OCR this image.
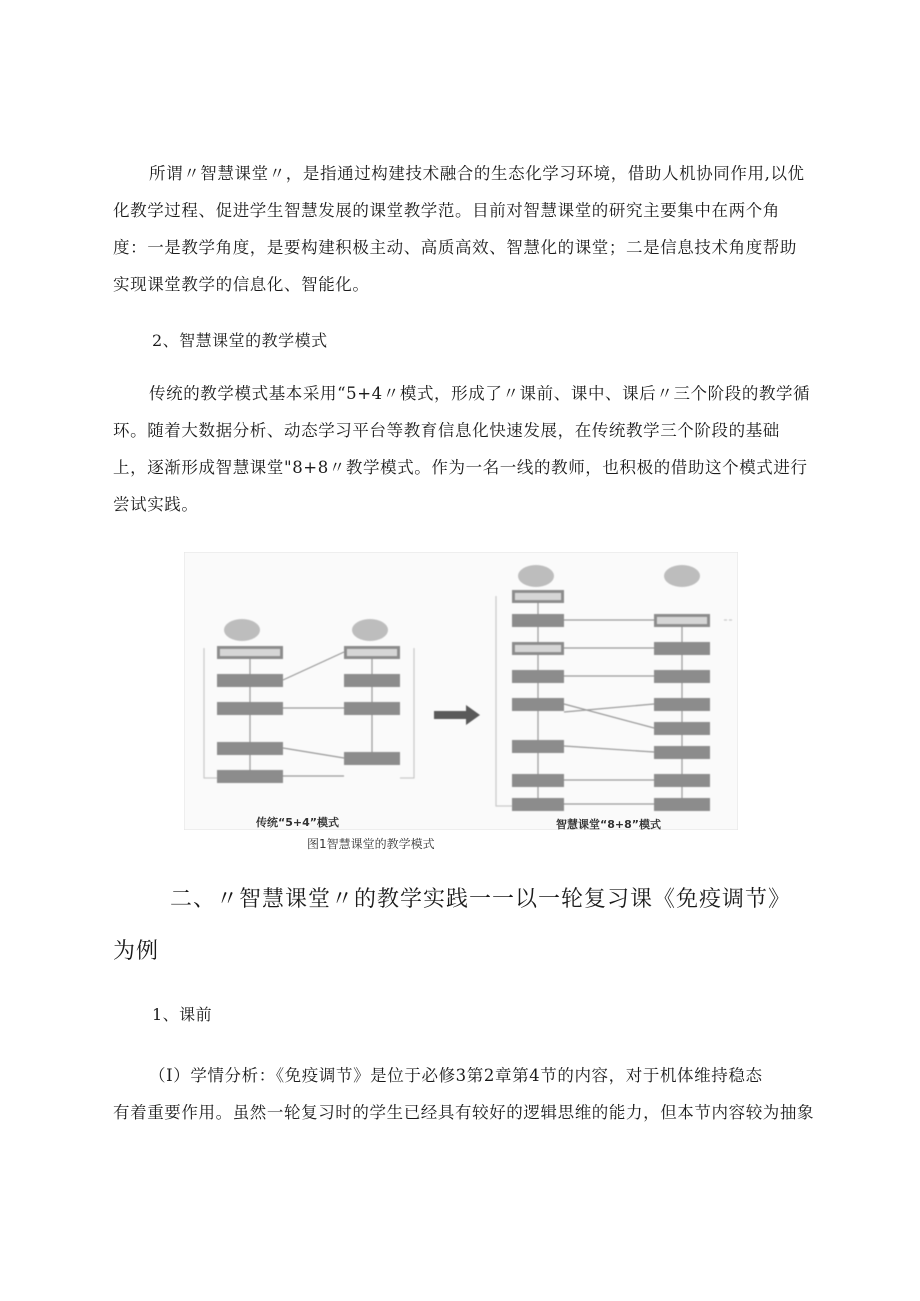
所谓〃智慧课堂〃，是指通过构建技术融合的生态化学习环境，借助人机协同作用,以优
化教学过程、促进学生智慧发展的课堂教学范。目前对智慧课堂的研究主要集中在两个角
度：一是教学角度，是要构建积极主动、高质高效、智慧化的课堂；二是信息技术角度帮助
实现课堂教学的信息化、智能化。

2、智慧课堂的教学模式

传统的教学模式基本采用“5+4〃模式，形成了〃课前、课中、课后〃三个阶段的教学循
环。随着大数据分析、动态学习平台等教育信息化快速发展，在传统教学三个阶段的基础
上，逐渐形成智慧课堂"8+8〃教学模式。作为一名一线的教师，也积极的借助这个模式进行
尝试实践。
传统“5+4”模式	智慧课堂“8+8”模式
图1智慧课堂的教学模式

二、〃智慧课堂〃的教学实践一一以一轮复习课《免疫调节》

为例

1、课前

（I）学情分析：《免疫调节》是位于必修3第2章第4节的内容，对于机体维持稳态
有着重要作用。虽然一轮复习时的学生已经具有较好的逻辑思维的能力，但本节内容较为抽象
